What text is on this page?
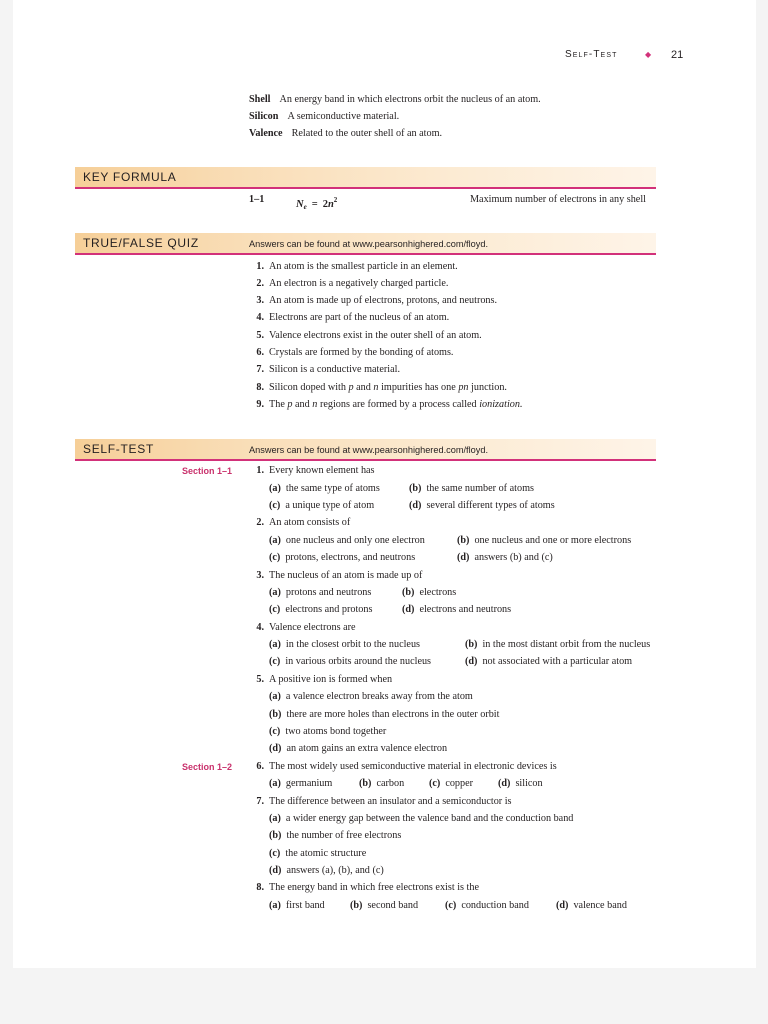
Self-Test
◆	21
Shell An energy band in which electrons orbit the nucleus of an atom.
Silicon A semiconductive material.
Valence Related to the outer shell of an atom.
KEY FORMULA
1–1	$N_e = 2n^2$	Maximum number of electrons in any shell
TRUE/FALSE QUIZ	Answers can be found at www.pearsonhighered.com/floyd.
1. An atom is the smallest particle in an element.
2. An electron is a negatively charged particle.
3. An atom is made up of electrons, protons, and neutrons.
4. Electrons are part of the nucleus of an atom.
5. Valence electrons exist in the outer shell of an atom.
6. Crystals are formed by the bonding of atoms.
7. Silicon is a conductive material.
8. Silicon doped with p and n impurities has one pn junction.
9. The p and n regions are formed by a process called ionization.
SELF-TEST	Answers can be found at www.pearsonhighered.com/floyd.
Section 1–1	1. Every known element has
(a) the same type of atoms	(b) the same number of atoms
(c) a unique type of atom	(d) several different types of atoms
2. An atom consists of
(a) one nucleus and only one electron	(b) one nucleus and one or more electrons
(c) protons, electrons, and neutrons	(d) answers (b) and (c)
3. The nucleus of an atom is made up of
(a) protons and neutrons	(b) electrons
(c) electrons and protons	(d) electrons and neutrons
4. Valence electrons are
(a) in the closest orbit to the nucleus	(b) in the most distant orbit from the nucleus
(c) in various orbits around the nucleus	(d) not associated with a particular atom
5. A positive ion is formed when
(a) a valence electron breaks away from the atom
(b) there are more holes than electrons in the outer orbit
(c) two atoms bond together
(d) an atom gains an extra valence electron
Section 1–2	6. The most widely used semiconductive material in electronic devices is
(a) germanium	(b) carbon (c) copper (d) silicon
7. The difference between an insulator and a semiconductor is
(a) a wider energy gap between the valence band and the conduction band
(b) the number of free electrons
(c) the atomic structure
(d) answers (a), (b), and (c)
8. The energy band in which free electrons exist is the
(a) first band (b) second band	(c) conduction band	(d) valence band
